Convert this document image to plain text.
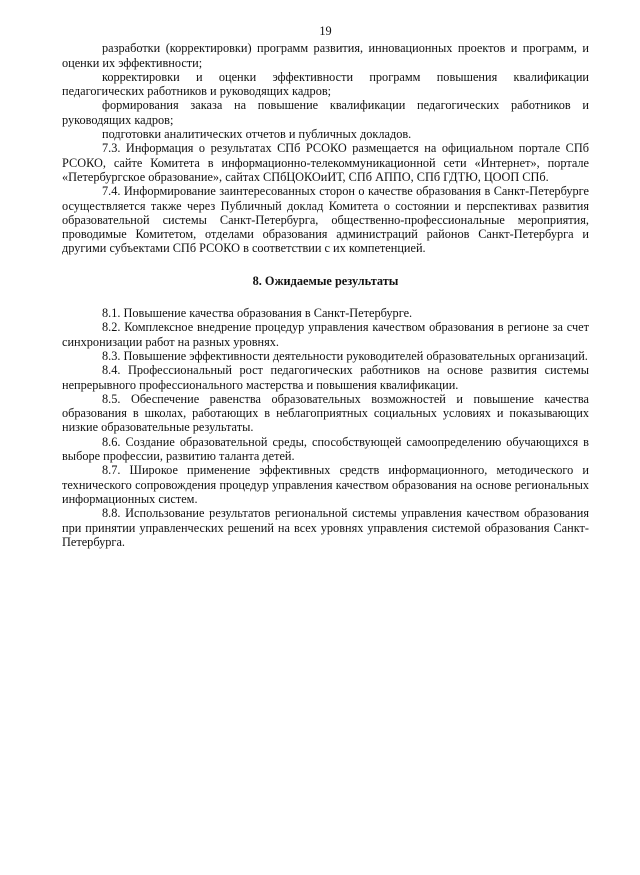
19

разработки (корректировки) программ развития, инновационных проектов и программ, и оценки их эффективности;

корректировки и оценки эффективности программ повышения квалификации педагогических работников и руководящих кадров;

формирования заказа на повышение квалификации педагогических работников и руководящих кадров;

подготовки аналитических отчетов и публичных докладов.

7.3. Информация о результатах СПб РСОКО размещается на официальном портале СПб РСОКО, сайте Комитета в информационно-телекоммуникационной сети «Интернет», портале «Петербургское образование», сайтах СПбЦОКОиИТ, СПб АППО, СПб ГДТЮ, ЦООП СПб.

7.4. Информирование заинтересованных сторон о качестве образования в Санкт-Петербурге осуществляется также через Публичный доклад Комитета о состоянии и перспективах развития образовательной системы Санкт-Петербурга, общественно-профессиональные мероприятия, проводимые Комитетом, отделами образования администраций районов Санкт-Петербурга и другими субъектами СПб РСОКО в соответствии с их компетенцией.

8. Ожидаемые результаты

8.1. Повышение качества образования в Санкт-Петербурге.

8.2. Комплексное внедрение процедур управления качеством образования в регионе за счет синхронизации работ на разных уровнях.

8.3. Повышение эффективности деятельности руководителей образовательных организаций.

8.4. Профессиональный рост педагогических работников на основе развития системы непрерывного профессионального мастерства и повышения квалификации.

8.5. Обеспечение равенства образовательных возможностей и повышение качества образования в школах, работающих в неблагоприятных социальных условиях и показывающих низкие образовательные результаты.

8.6. Создание образовательной среды, способствующей самоопределению обучающихся в выборе профессии, развитию таланта детей.

8.7. Широкое применение эффективных средств информационного, методического и технического сопровождения процедур управления качеством образования на основе региональных информационных систем.

8.8. Использование результатов региональной системы управления качеством образования при принятии управленческих решений на всех уровнях управления системой образования Санкт-Петербурга.
